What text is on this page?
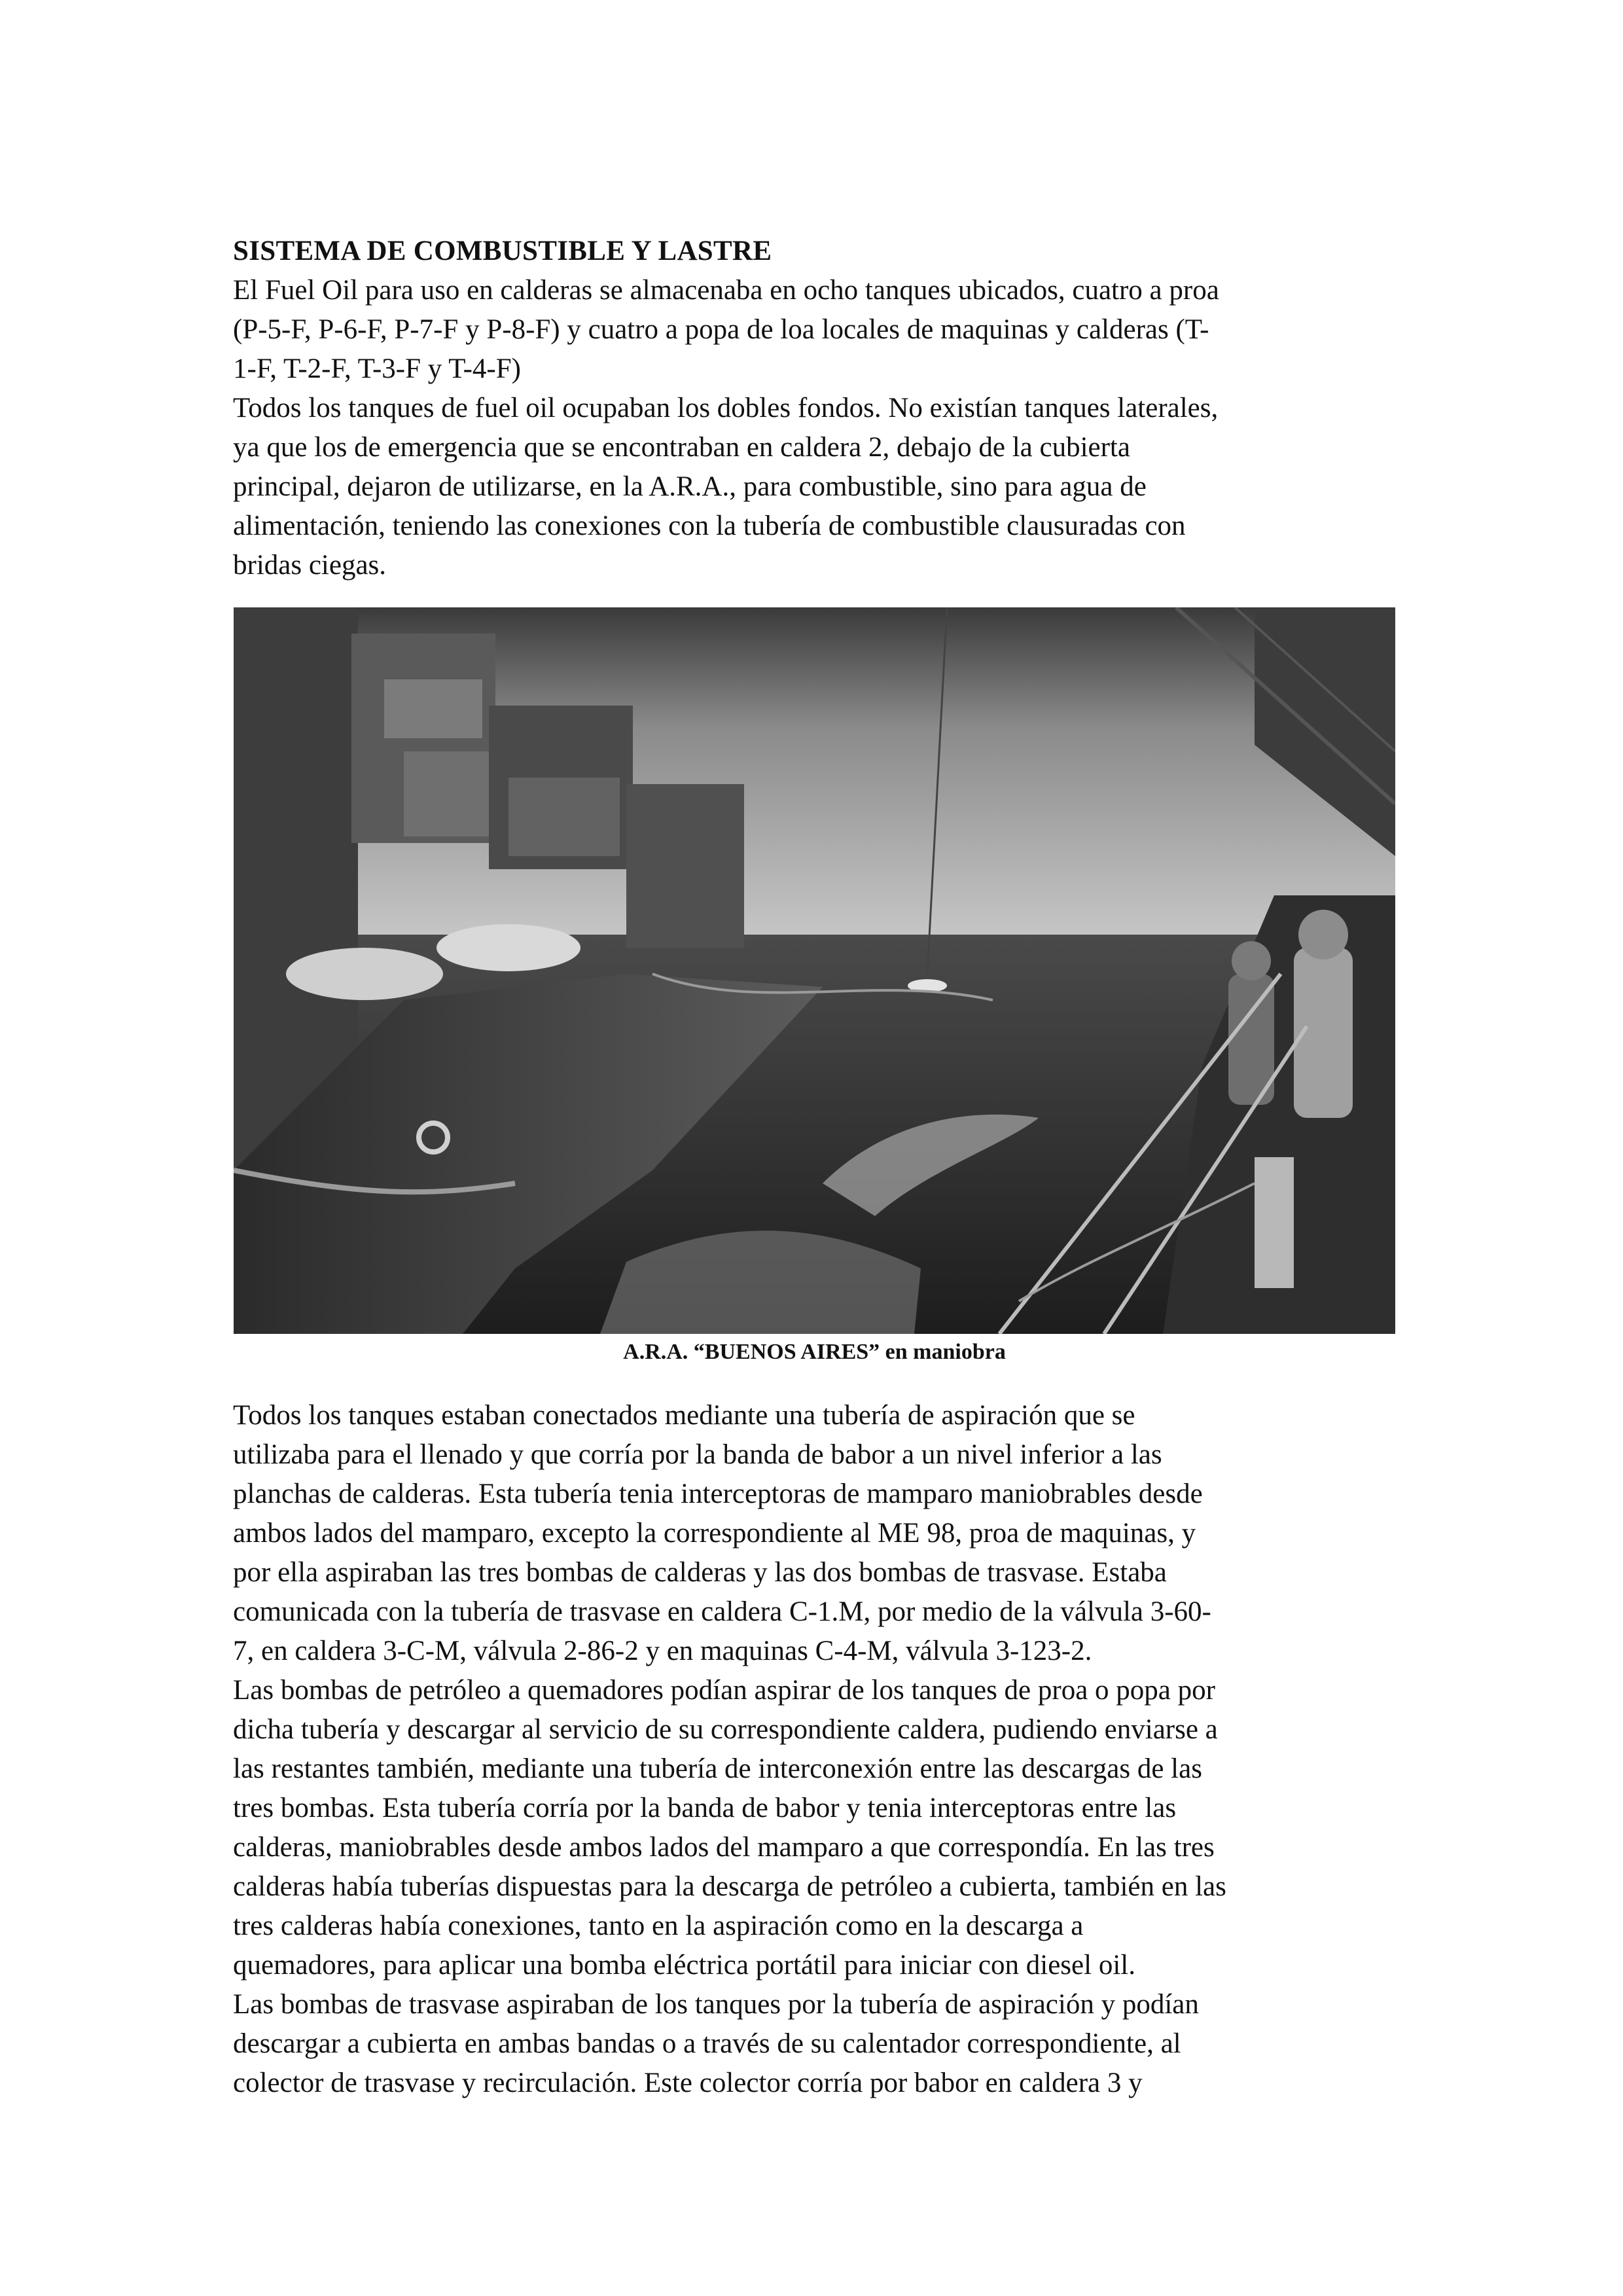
SISTEMA DE COMBUSTIBLE Y LASTRE

El Fuel Oil para uso en calderas se almacenaba en ocho tanques ubicados, cuatro a proa
(P-5-F, P-6-F, P-7-F y P-8-F) y cuatro a popa de loa locales de maquinas y calderas (T-
1-F, T-2-F, T-3-F y T-4-F)
Todos los tanques de fuel oil ocupaban los dobles fondos. No existían tanques laterales,
ya que los de emergencia que se encontraban en caldera 2, debajo de la cubierta
principal, dejaron de utilizarse, en la A.R.A., para combustible, sino para agua de
alimentación, teniendo las conexiones con la tubería de combustible clausuradas con
bridas ciegas.

A.R.A. “BUENOS AIRES” en maniobra

Todos los tanques estaban conectados mediante una tubería de aspiración que se
utilizaba para el llenado y que corría por la banda de babor a un nivel inferior a las
planchas de calderas. Esta tubería tenia interceptoras de mamparo maniobrables desde
ambos lados del mamparo, excepto la correspondiente al ME 98, proa de maquinas, y
por ella aspiraban las tres bombas de calderas y las dos bombas de trasvase. Estaba
comunicada con la tubería de trasvase en caldera C-1.M, por medio de la válvula 3-60-
7, en caldera 3-C-M, válvula 2-86-2 y en maquinas C-4-M, válvula 3-123-2.
Las bombas de petróleo a quemadores podían aspirar de los tanques de proa o popa por
dicha tubería y descargar al servicio de su correspondiente caldera, pudiendo enviarse a
las restantes también, mediante una tubería de interconexión entre las descargas de las
tres bombas. Esta tubería corría por la banda de babor y tenia interceptoras entre las
calderas, maniobrables desde ambos lados del mamparo a que correspondía. En las tres
calderas había tuberías dispuestas para la descarga de petróleo a cubierta, también en las
tres calderas había conexiones, tanto en la aspiración como en la descarga a
quemadores, para aplicar una bomba eléctrica portátil para iniciar con diesel oil.
Las bombas de trasvase aspiraban de los tanques por la tubería de aspiración y podían
descargar a cubierta en ambas bandas o a través de su calentador correspondiente, al
colector de trasvase y recirculación. Este colector corría por babor en caldera 3 y
